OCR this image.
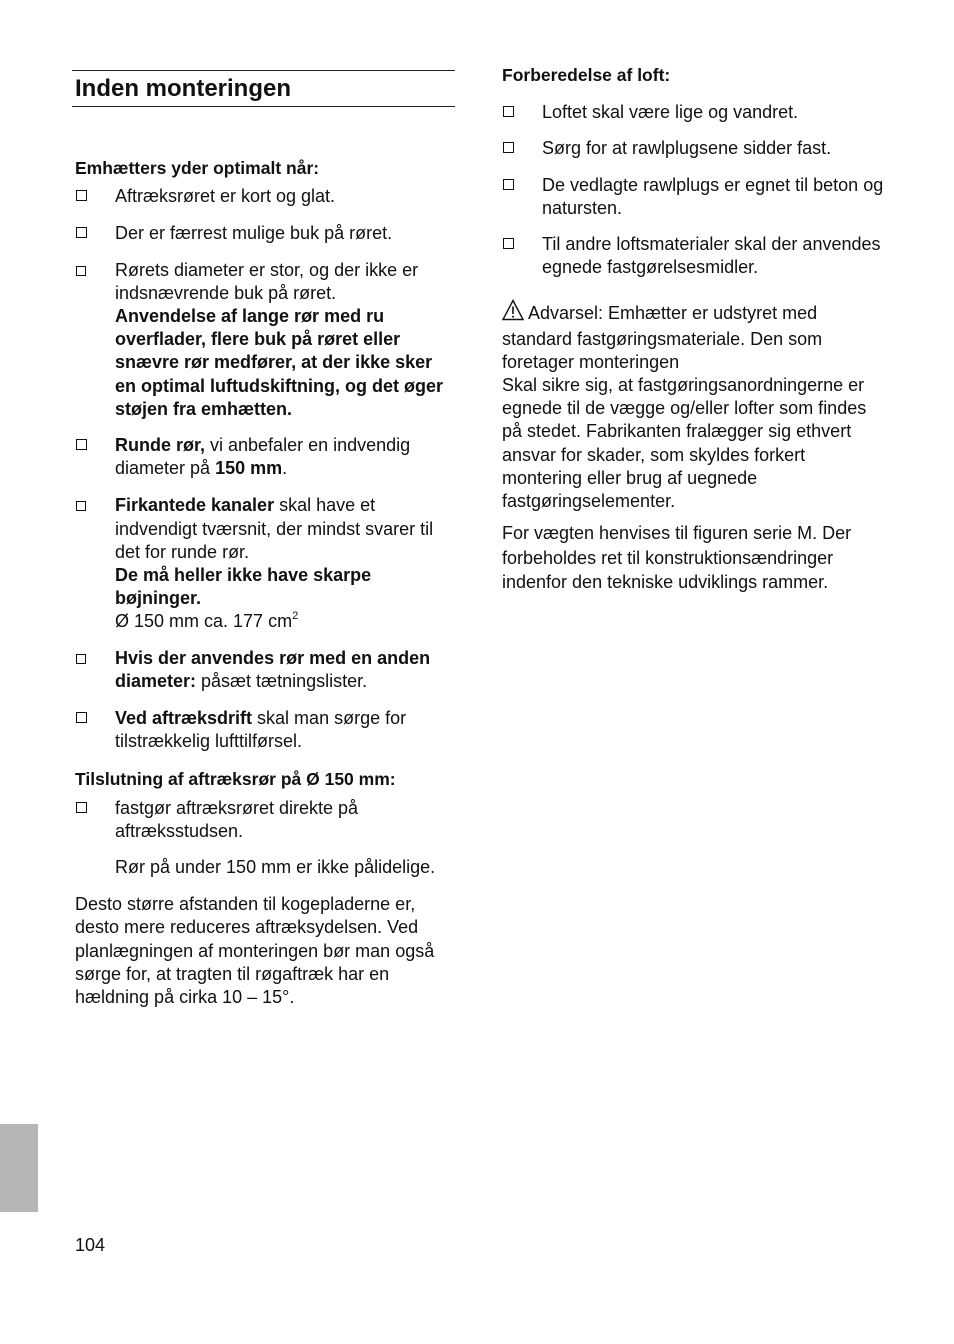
Inden monteringen

Emhætters yder optimalt når:

Aftræksrøret er kort og glat.
Der er færrest mulige buk på røret.

Rørets diameter er stor, og der ikke er indsnævrende buk på røret.

Anvendelse af lange rør med ru overflader, flere buk på røret eller snævre rør medfører, at der ikke sker en optimal luftudskiftning, og det øger støjen fra emhætten.

Runde rør, vi anbefaler en indvendig diameter på 150 mm.

Firkantede kanaler skal have et indvendigt tværsnit, der mindst svarer til det for runde rør.

De må heller ikke have skarpe bøjninger.

Ø 150 mm ca. 177 $cm^2$

Hvis der anvendes rør med en anden diameter: påsæt tætningslister.

Ved aftræksdrift skal man sørge for tilstrækkelig lufttilførsel.

Tilslutning af aftræksrør på Ø 150 mm:

fastgør aftræksrøret direkte på aftræksstudsen.

Rør på under 150 mm er ikke pålidelige.

Desto større afstanden til kogepladerne er, desto mere reduceres aftræksydelsen. Ved planlægningen af monteringen bør man også sørge for, at tragten til røgaftræk har en hældning på cirka 10 – 15°.

Forberedelse af loft:

Loftet skal være lige og vandret.
Sørg for at rawlplugsene sidder fast.

De vedlagte rawlplugs er egnet til beton og natursten.

Til andre loftsmaterialer skal der anvendes egnede fastgørelsesmidler.

Advarsel: Emhætter er udstyret med standard fastgøringsmateriale. Den som foretager monteringen

Skal sikre sig, at fastgøringsanordningerne er egnede til de vægge og/eller lofter som findes på stedet. Fabrikanten fralægger sig ethvert ansvar for skader, som skyldes forkert montering eller brug af uegnede fastgøringselementer.

For vægten henvises til figuren serie M. Der forbeholdes ret til konstruktionsændringer indenfor den tekniske udviklings rammer.

104
